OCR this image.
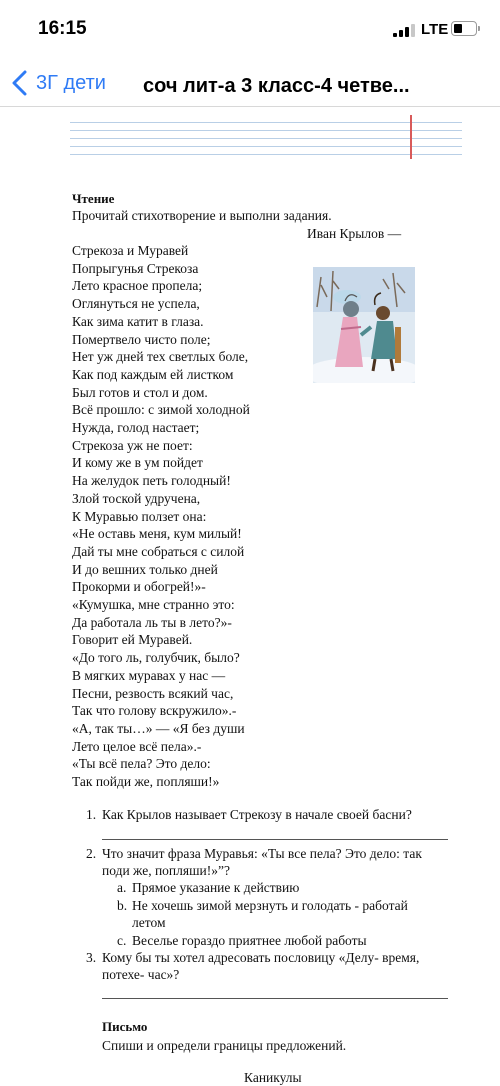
16:15	LTE
3Г дети соч лит-а 3 класс-4 четве...
Чтение
Прочитай стихотворение и выполни задания.
Иван Крылов —
Стрекоза и Муравей
Попрыгунья Стрекоза
Лето красное пропела;
Оглянуться не успела,
Как зима катит в глаза.
Помертвело чисто поле;
Нет уж дней тех светлых боле,
Как под каждым ей листком
Был готов и стол и дом.
Всё прошло: с зимой холодной
Нужда, голод настает;
Стрекоза уж не поет:
И кому же в ум пойдет
На желудок петь голодный!
Злой тоской удручена,
К Муравью ползет она:
«Не оставь меня, кум милый!
Дай ты мне собраться с силой
И до вешних только дней
Прокорми и обогрей!»-
«Кумушка, мне странно это:
Да работала ль ты в лето?»-
Говорит ей Муравей.
«До того ль, голубчик, было?
В мягких муравах у нас —
Песни, резвость всякий час,
Так что голову вскружило».-
«А, так ты…» — «Я без души
Лето целое всё пела».-
«Ты всё пела? Это дело:
Так пойди же, попляши!»
1. Как Крылов называет Стрекозу в начале своей басни?
2. Что значит фраза Муравья: «Ты все пела? Это дело: так
поди же, попляши!»”?
a. Прямое указание к действию
b. Не хочешь зимой мерзнуть и голодать - работай
летом
c. Веселье гораздо приятнее любой работы
3. Кому бы ты хотел адресовать пословицу «Делу- время,
потехе- час»?
Письмо
Спиши и определи границы предложений.
Каникулы
